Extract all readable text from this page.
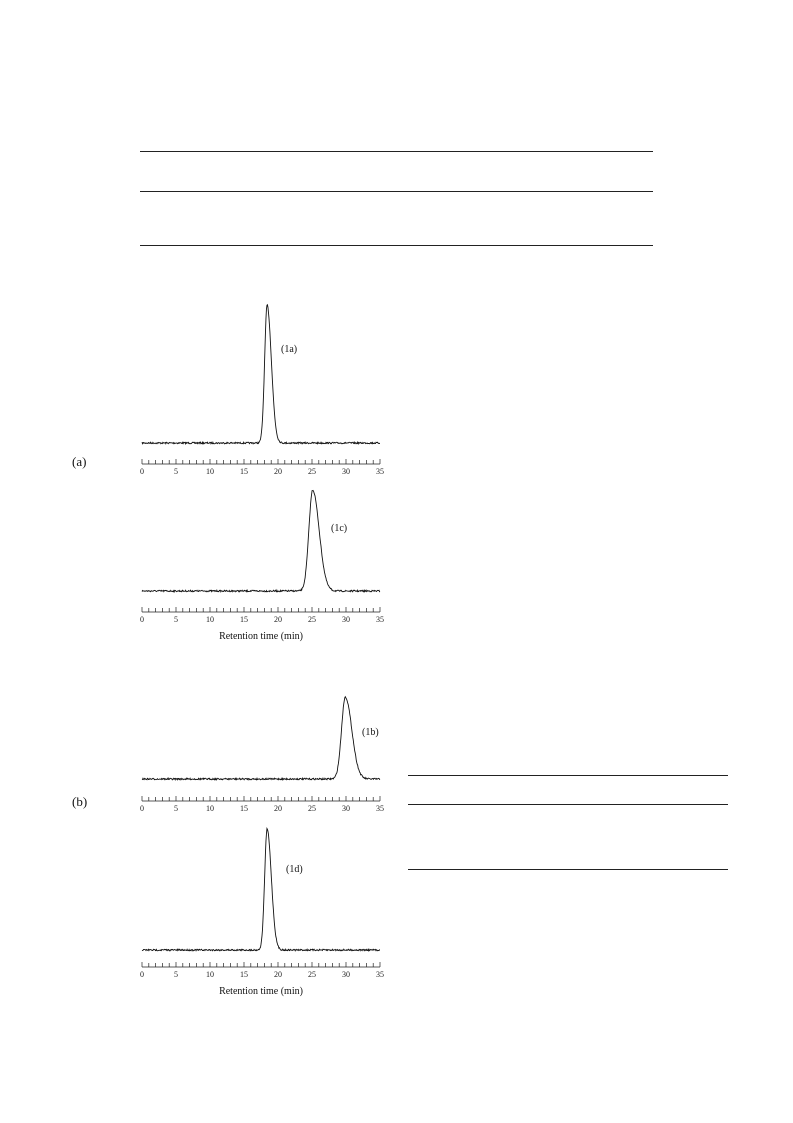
(a)
(b)
0	5	10	15	20	25	30	35
(1a)
0	5	10	15	20	25	30	35
Retention time (min)
(1c)
0	5	10	15	20	25	30	35
(1b)
0	5	10	15	20	25	30	35
Retention time (min)
(1d)
